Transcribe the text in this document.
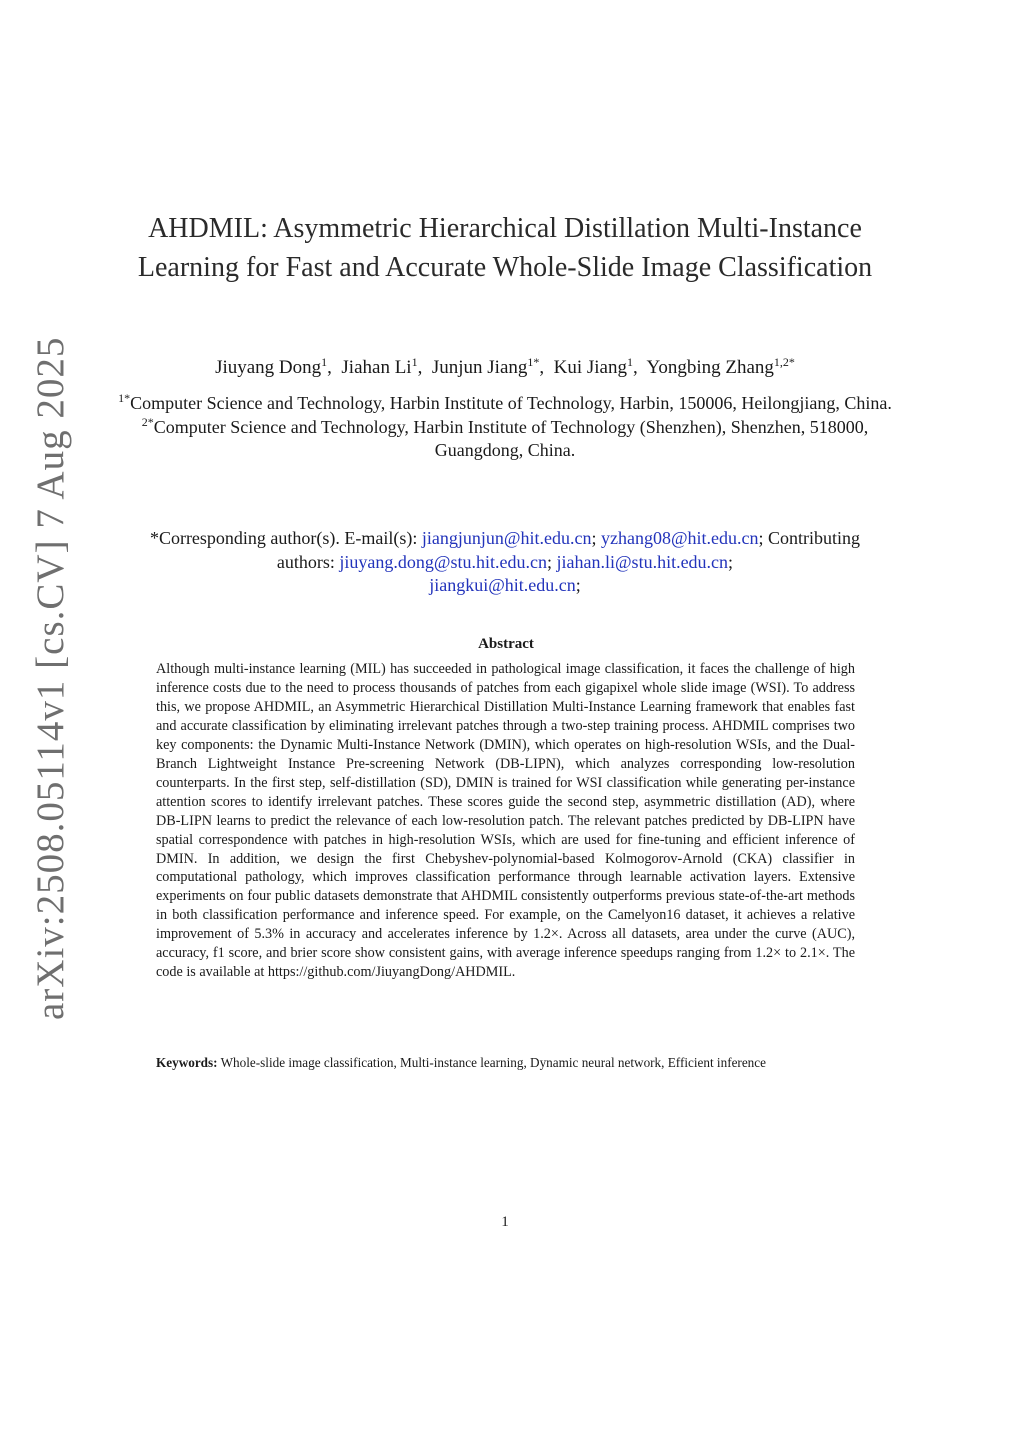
arXiv:2508.05114v1 [cs.CV] 7 Aug 2025
AHDMIL: Asymmetric Hierarchical Distillation Multi-Instance Learning for Fast and Accurate Whole-Slide Image Classification
Jiuyang Dong$^1$,  Jiahan Li$^1$,  Junjun Jiang$^{1*}$,  Kui Jiang$^1$,  Yongbing Zhang$^{1,2*}$

$^{1*}$Computer Science and Technology, Harbin Institute of Technology, Harbin, 150006, Heilongjiang, China.

$^{2*}$Computer Science and Technology, Harbin Institute of Technology (Shenzhen), Shenzhen, 518000, Guangdong, China.

*Corresponding author(s). E-mail(s): jiangjunjun@hit.edu.cn; yzhang08@hit.edu.cn; Contributing authors: jiuyang.dong@stu.hit.edu.cn; jiahan.li@stu.hit.edu.cn;
jiangkui@hit.edu.cn;
Abstract
Although multi-instance learning (MIL) has succeeded in pathological image classification, it faces the challenge of high inference costs due to the need to process thousands of patches from each gigapixel whole slide image (WSI). To address this, we propose AHDMIL, an Asymmetric Hierarchical Distillation Multi-Instance Learning framework that enables fast and accurate classification by eliminating irrelevant patches through a two-step training process. AHDMIL comprises two key components: the Dynamic Multi-Instance Network (DMIN), which operates on high-resolution WSIs, and the Dual-Branch Lightweight Instance Pre-screening Network (DB-LIPN), which analyzes corresponding low-resolution counterparts. In the first step, self-distillation (SD), DMIN is trained for WSI classification while generating per-instance attention scores to identify irrelevant patches. These scores guide the second step, asymmetric distillation (AD), where DB-LIPN learns to predict the relevance of each low-resolution patch. The relevant patches predicted by DB-LIPN have spatial correspondence with patches in high-resolution WSIs, which are used for fine-tuning and efficient inference of DMIN. In addition, we design the first Chebyshev-polynomial-based Kolmogorov-Arnold (CKA) classifier in computational pathology, which improves classification performance through learnable activation layers. Extensive experiments on four public datasets demonstrate that AHDMIL consistently outperforms previous state-of-the-art methods in both classification performance and inference speed. For example, on the Camelyon16 dataset, it achieves a relative improvement of 5.3% in accuracy and accelerates inference by 1.2×. Across all datasets, area under the curve (AUC), accuracy, f1 score, and brier score show consistent gains, with average inference speedups ranging from 1.2× to 2.1×. The code is available at https://github.com/JiuyangDong/AHDMIL.
Keywords: Whole-slide image classification, Multi-instance learning, Dynamic neural network, Efficient inference
1
